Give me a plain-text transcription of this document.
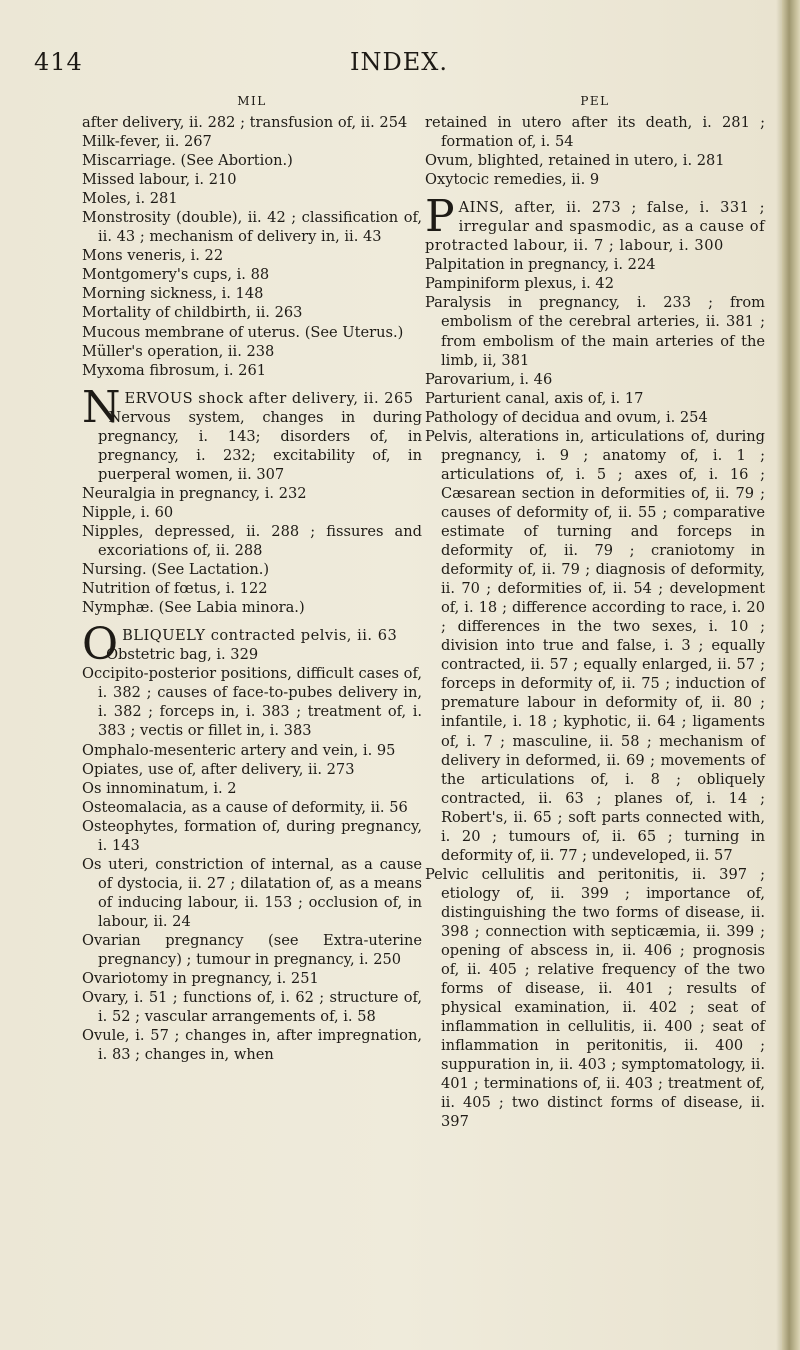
INDEX.
414
MIL

after delivery, ii. 282 ; transfusion of, ii. 254

Milk-fever, ii. 267

Miscarriage. (See Abortion.)

Missed labour, i. 210

Moles, i. 281

Monstrosity (double), ii. 42 ; classification of, ii. 43 ; mechanism of delivery in, ii. 43

Mons veneris, i. 22

Montgomery's cups, i. 88

Morning sickness, i. 148

Mortality of childbirth, ii. 263

Mucous membrane of uterus. (See Uterus.)

Müller's operation, ii. 238

Myxoma fibrosum, i. 261

NERVOUS shock after delivery, ii. 265

Nervous system, changes in during pregnancy, i. 143; disorders of, in pregnancy, i. 232; excitability of, in puerperal women, ii. 307

Neuralgia in pregnancy, i. 232

Nipple, i. 60

Nipples, depressed, ii. 288 ; fissures and excoriations of, ii. 288

Nursing. (See Lactation.)

Nutrition of fœtus, i. 122

Nymphæ. (See Labia minora.)

OBLIQUELY contracted pelvis, ii. 63

Obstetric bag, i. 329

Occipito-posterior positions, difficult cases of, i. 382 ; causes of face-to-pubes delivery in, i. 382 ; forceps in, i. 383 ; treatment of, i. 383 ; vectis or fillet in, i. 383

Omphalo-mesenteric artery and vein, i. 95

Opiates, use of, after delivery, ii. 273

Os innominatum, i. 2

Osteomalacia, as a cause of deformity, ii. 56

Osteophytes, formation of, during pregnancy, i. 143

Os uteri, constriction of internal, as a cause of dystocia, ii. 27 ; dilatation of, as a means of inducing labour, ii. 153 ; occlusion of, in labour, ii. 24

Ovarian pregnancy (see Extra-uterine pregnancy) ; tumour in pregnancy, i. 250

Ovariotomy in pregnancy, i. 251

Ovary, i. 51 ; functions of, i. 62 ; structure of, i. 52 ; vascular arrangements of, i. 58

Ovule, i. 57 ; changes in, after impregnation, i. 83 ; changes in, when

PEL

retained in utero after its death, i. 281 ; formation of, i. 54

Ovum, blighted, retained in utero, i. 281

Oxytocic remedies, ii. 9

PAINS, after, ii. 273 ; false, i. 331 ; irregular and spasmodic, as a cause of protracted labour, ii. 7 ; labour, i. 300

Palpitation in pregnancy, i. 224

Pampiniform plexus, i. 42

Paralysis in pregnancy, i. 233 ; from embolism of the cerebral arteries, ii. 381 ; from embolism of the main arteries of the limb, ii, 381

Parovarium, i. 46

Parturient canal, axis of, i. 17

Pathology of decidua and ovum, i. 254

Pelvis, alterations in, articulations of, during pregnancy, i. 9 ; anatomy of, i. 1 ; articulations of, i. 5 ; axes of, i. 16 ; Cæsarean section in deformities of, ii. 79 ; causes of deformity of, ii. 55 ; comparative estimate of turning and forceps in deformity of, ii. 79 ; craniotomy in deformity of, ii. 79 ; diagnosis of deformity, ii. 70 ; deformities of, ii. 54 ; development of, i. 18 ; difference according to race, i. 20 ; differences in the two sexes, i. 10 ; division into true and false, i. 3 ; equally contracted, ii. 57 ; equally enlarged, ii. 57 ; forceps in deformity of, ii. 75 ; induction of premature labour in deformity of, ii. 80 ; infantile, i. 18 ; kyphotic, ii. 64 ; ligaments of, i. 7 ; masculine, ii. 58 ; mechanism of delivery in deformed, ii. 69 ; movements of the articulations of, i. 8 ; obliquely contracted, ii. 63 ; planes of, i. 14 ; Robert's, ii. 65 ; soft parts connected with, i. 20 ; tumours of, ii. 65 ; turning in deformity of, ii. 77 ; undeveloped, ii. 57

Pelvic cellulitis and peritonitis, ii. 397 ; etiology of, ii. 399 ; importance of, distinguishing the two forms of disease, ii. 398 ; connection with septicæmia, ii. 399 ; opening of abscess in, ii. 406 ; prognosis of, ii. 405 ; relative frequency of the two forms of disease, ii. 401 ; results of physical examination, ii. 402 ; seat of inflammation in cellulitis, ii. 400 ; seat of inflammation in peritonitis, ii. 400 ; suppuration in, ii. 403 ; symptomatology, ii. 401 ; terminations of, ii. 403 ; treatment of, ii. 405 ; two distinct forms of disease, ii. 397
